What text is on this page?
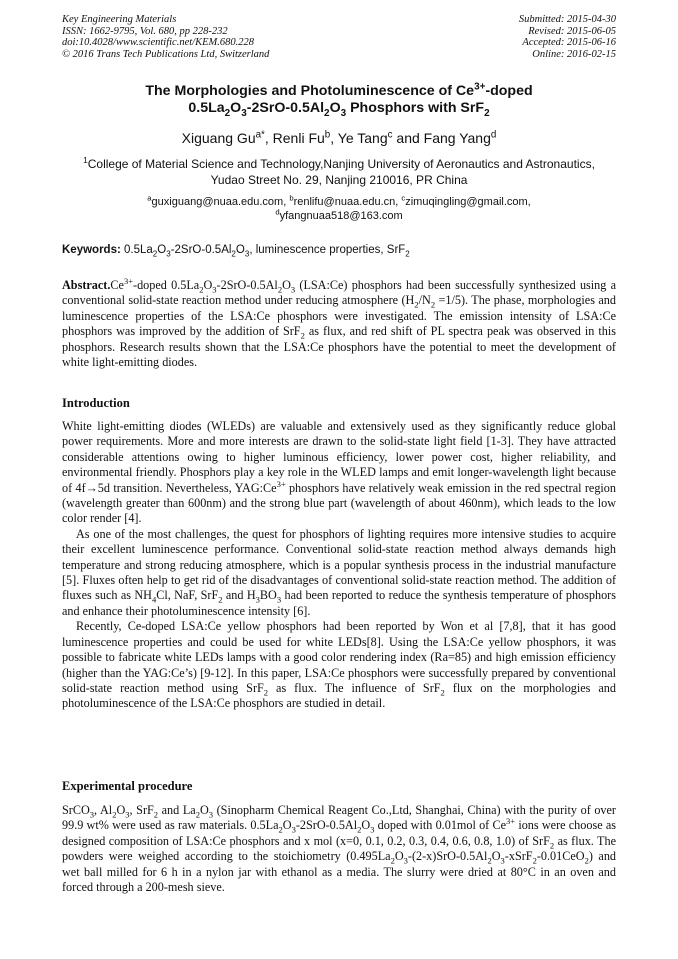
Key Engineering Materials
ISSN: 1662-9795, Vol. 680, pp 228-232
doi:10.4028/www.scientific.net/KEM.680.228
© 2016 Trans Tech Publications Ltd, Switzerland
Submitted: 2015-04-30
Revised: 2015-06-05
Accepted: 2015-06-16
Online: 2016-02-15
The Morphologies and Photoluminescence of $Ce^{3+}$-doped
$0.5La_2O_3-2SrO-0.5Al_2O_3$ Phosphors with SrF$_2$
Xiguang $Gu^{a*}$, Renli Fu$^b$, Ye Tang$^c$ and Fang Yang$^d$
$^1$College of Material Science and Technology,Nanjing University of Aeronautics and Astronautics,
Yudao Street No. 29, Nanjing 210016, PR China
$^a$guxiguang@nuaa.edu.com, $^b$renlifu@nuaa.edu.cn, $^c$zimuqingling@gmail.com,
$^d$yfangnuaa518@163.com
Keywords: $0.5La_2O_3-2SrO-0.5Al_2O_3$, luminescence properties, SrF$_2$
$Abstract.Ce^{3+}$-doped $0.5La_2O_3-2SrO-0.5Al_2O_3$ (LSA:Ce) phosphors had been successfully synthesized using a conventional solid-state reaction method under reducing atmosphere $(H_2/N_2 =1/5)$. The phase, morphologies and luminescence properties of the LSA:Ce phosphors were investigated. The emission intensity of LSA:Ce phosphors was improved by the addition of SrF$_2$ as flux, and red shift of PL spectra peak was observed in this phosphors. Research results shown that the LSA:Ce phosphors have the potential to meet the development of white light-emitting diodes.
Introduction

White light-emitting diodes (WLEDs) are valuable and extensively used as they significantly reduce global power requirements. More and more interests are drawn to the solid-state light field [1-3]. They have attracted considerable attentions owing to higher luminous efficiency, lower power cost, higher reliability, and environmental friendly. Phosphors play a key role in the WLED lamps and emit longer-wavelength light because of 4f→5d transition. Nevertheless, $YAG:Ce^{3+}$ phosphors have relatively weak emission in the red spectral region (wavelength greater than 600nm) and the strong blue part (wavelength of about 460nm), which leads to the low color render [4].

As one of the most challenges, the quest for phosphors of lighting requires more intensive studies to acquire their excellent luminescence performance. Conventional solid-state reaction method always demands high temperature and strong reducing atmosphere, which is a popular synthesis process in the industrial manufacture [5]. Fluxes often help to get rid of the disadvantages of conventional solid-state reaction method. The addition of fluxes such as $NH_4Cl$, NaF, SrF$_2$ and $H_3BO_3$ had been reported to reduce the synthesis temperature of phosphors and enhance their photoluminescence intensity [6].

Recently, Ce-doped LSA:Ce yellow phosphors had been reported by Won et al [7,8], that it has good luminescence properties and could be used for white LEDs[8]. Using the LSA:Ce yellow phosphors, it was possible to fabricate white LEDs lamps with a good color rendering index (Ra=85) and high emission efficiency (higher than the YAG:Ce’s) [9-12]. In this paper, LSA:Ce phosphors were successfully prepared by conventional solid-state reaction method using SrF$_2$ as flux. The influence of SrF$_2$ flux on the morphologies and photoluminescence of the LSA:Ce phosphors are studied in detail.

Experimental procedure
SrCO$_3$, $Al_2O_3$, SrF$_2$ and $La_2O_3$ (Sinopharm Chemical Reagent Co.,Ltd, Shanghai, China) with the purity of over 99.9 wt% were used as raw materials. $0.5La_2O_3-2SrO-0.5Al_2O_3$ doped with 0.01mol of $Ce^{3+}$ ions were choose as designed composition of LSA:Ce phosphors and x mol (x=0, 0.1, 0.2, 0.3, 0.4, 0.6, 0.8, 1.0) of SrF$_2$ as flux. The powders were weighed according to the stoichiometry $(0.495La_2O_3-(2-x)SrO-0.5Al_2O_3-xSrF_2-0.01CeO_2)$ and wet ball milled for 6 h in a nylon jar with ethanol as a media. The slurry were dried at 80°C in an oven and forced through a 200-mesh sieve.
